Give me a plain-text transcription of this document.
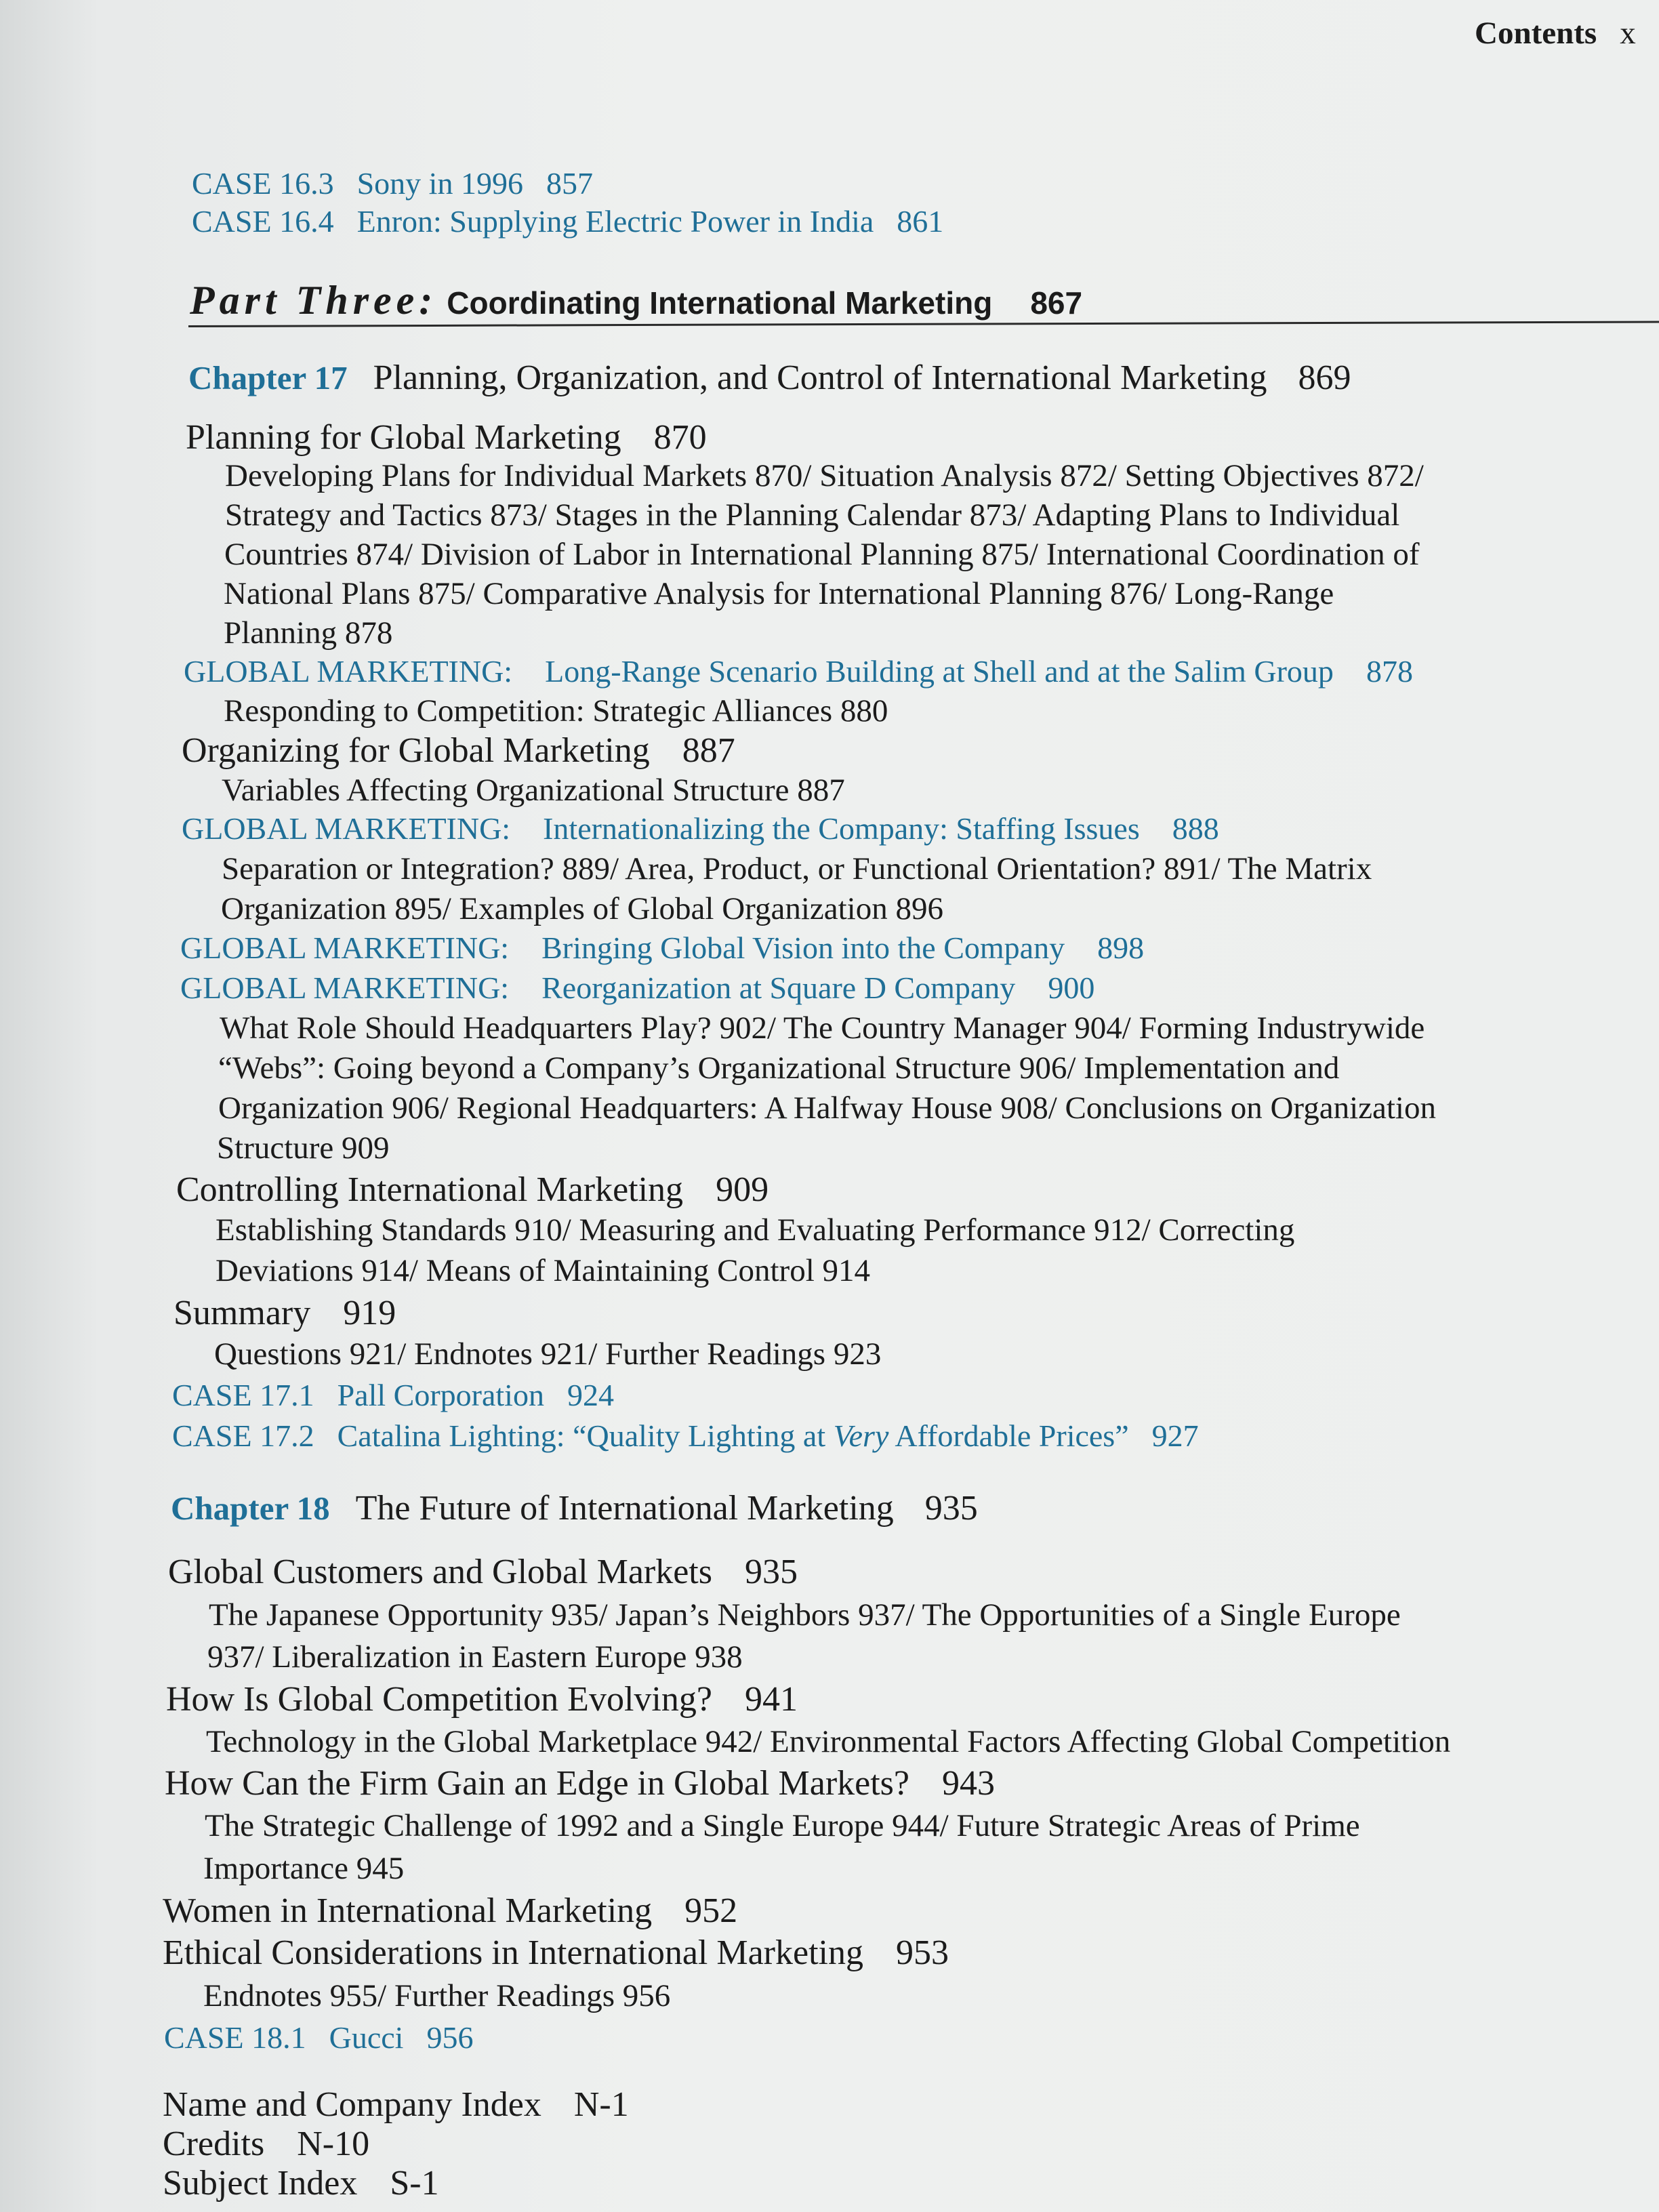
Contents x
CASE 16.3 Sony in 1996 857
CASE 16.4 Enron: Supplying Electric Power in India 861
Part Three: Coordinating International Marketing 867
Chapter 17 Planning, Organization, and Control of International Marketing 869
Planning for Global Marketing 870
Developing Plans for Individual Markets 870/ Situation Analysis 872/ Setting Objectives 872/
Strategy and Tactics 873/ Stages in the Planning Calendar 873/ Adapting Plans to Individual
Countries 874/ Division of Labor in International Planning 875/ International Coordination of
National Plans 875/ Comparative Analysis for International Planning 876/ Long-Range
Planning 878
GLOBAL MARKETING: Long-Range Scenario Building at Shell and at the Salim Group 878
Responding to Competition: Strategic Alliances 880
Organizing for Global Marketing 887
Variables Affecting Organizational Structure 887
GLOBAL MARKETING: Internationalizing the Company: Staffing Issues 888
Separation or Integration? 889/ Area, Product, or Functional Orientation? 891/ The Matrix
Organization 895/ Examples of Global Organization 896
GLOBAL MARKETING: Bringing Global Vision into the Company 898
GLOBAL MARKETING: Reorganization at Square D Company 900
What Role Should Headquarters Play? 902/ The Country Manager 904/ Forming Industrywide
“Webs”: Going beyond a Company’s Organizational Structure 906/ Implementation and
Organization 906/ Regional Headquarters: A Halfway House 908/ Conclusions on Organization
Structure 909
Controlling International Marketing 909
Establishing Standards 910/ Measuring and Evaluating Performance 912/ Correcting
Deviations 914/ Means of Maintaining Control 914
Summary 919
Questions 921/ Endnotes 921/ Further Readings 923
CASE 17.1 Pall Corporation 924
CASE 17.2 Catalina Lighting: “Quality Lighting at Very Affordable Prices” 927
Chapter 18 The Future of International Marketing 935
Global Customers and Global Markets 935
The Japanese Opportunity 935/ Japan’s Neighbors 937/ The Opportunities of a Single Europe
937/ Liberalization in Eastern Europe 938
How Is Global Competition Evolving? 941
Technology in the Global Marketplace 942/ Environmental Factors Affecting Global Competition
How Can the Firm Gain an Edge in Global Markets? 943
The Strategic Challenge of 1992 and a Single Europe 944/ Future Strategic Areas of Prime
Importance 945
Women in International Marketing 952
Ethical Considerations in International Marketing 953
Endnotes 955/ Further Readings 956
CASE 18.1 Gucci 956
Name and Company Index N-1
Credits N-10
Subject Index S-1
